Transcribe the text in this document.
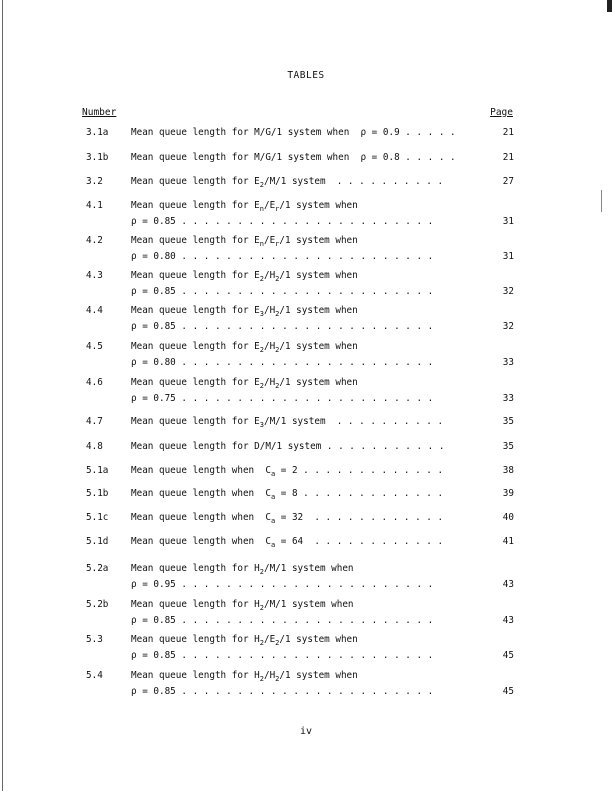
TABLES
Number	Page
3.1a Mean queue length for M/G/1 system when  ρ = 0.9 . . . . .	21
3.1b Mean queue length for M/G/1 system when  ρ = 0.8 . . . . .	21
3.2	Mean queue length for $E_2/M/1$ system  . . . . . . . . . .	27
4.1	Mean queue length for $E_n/E_r/1$ system when
ρ = 0.85 . . . . . . . . . . . . . . . . . . . . . . .	31
4.2	Mean queue length for $E_n/E_r/1$ system when
ρ = 0.80 . . . . . . . . . . . . . . . . . . . . . . .	31
4.3	Mean queue length for $E_2/H_2/1$ system when
ρ = 0.85 . . . . . . . . . . . . . . . . . . . . . . .	32
4.4	Mean queue length for $E_3/H_2/1$ system when
ρ = 0.85 . . . . . . . . . . . . . . . . . . . . . . .	32
4.5	Mean queue length for $E_2/H_2/1$ system when
ρ = 0.80 . . . . . . . . . . . . . . . . . . . . . . .	33
4.6	Mean queue length for $E_2/H_2/1$ system when
ρ = 0.75 . . . . . . . . . . . . . . . . . . . . . . .	33
4.7	Mean queue length for $E_3/M/1$ system  . . . . . . . . . .	35
4.8	Mean queue length for D/M/1 system . . . . . . . . . . .	35
5.1a Mean queue length when  $C_a = 2$ . . . . . . . . . . . . .	38
5.1b Mean queue length when  $C_a = 8$ . . . . . . . . . . . . .	39
5.1c Mean queue length when  $C_a = 32$  . . . . . . . . . . . .	40
5.1d Mean queue length when  $C_a = 64$  . . . . . . . . . . . .	41
5.2a Mean queue length for $H_2/M/1$ system when
ρ = 0.95 . . . . . . . . . . . . . . . . . . . . . . .	43
5.2b Mean queue length for $H_2/M/1$ system when
ρ = 0.85 . . . . . . . . . . . . . . . . . . . . . . .	43
5.3	Mean queue length for $H_2/E_2/1$ system when
ρ = 0.85 . . . . . . . . . . . . . . . . . . . . . . .	45
5.4	Mean queue length for $H_2/H_2/1$ system when
ρ = 0.85 . . . . . . . . . . . . . . . . . . . . . . .	45
iv
